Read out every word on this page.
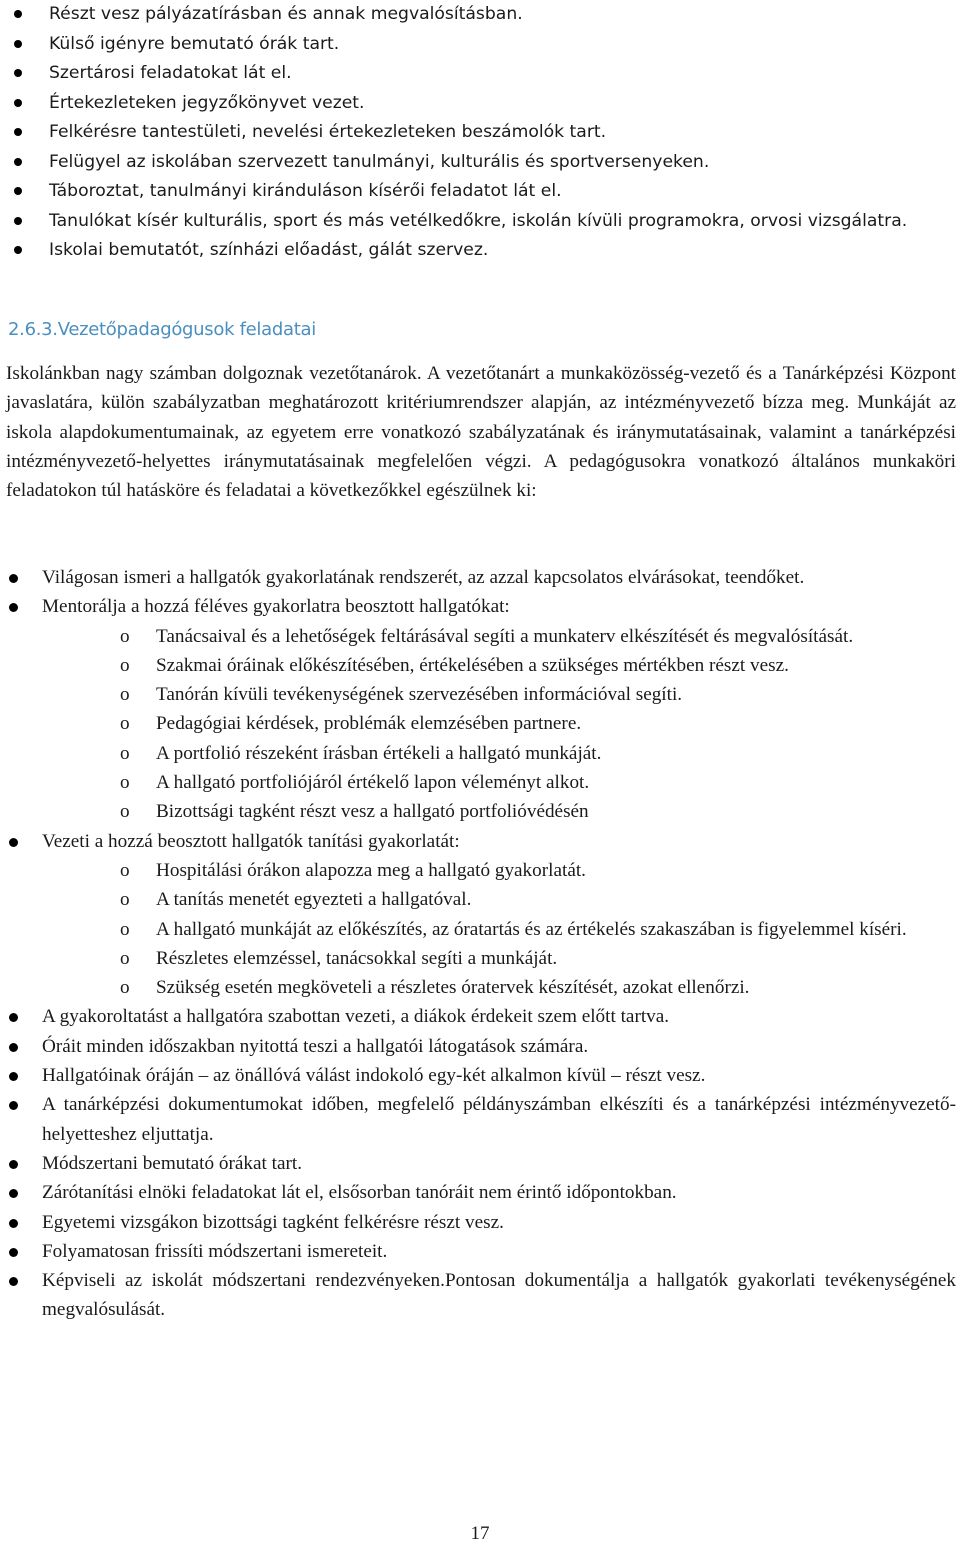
Részt vesz pályázatírásban és annak megvalósításban.
Külső igényre bemutató órák tart.
Szertárosi feladatokat lát el.
Értekezleteken jegyzőkönyvet vezet.
Felkérésre tantestületi, nevelési értekezleteken beszámolók tart.
Felügyel az iskolában szervezett tanulmányi, kulturális és sportversenyeken.
Táboroztat, tanulmányi kiránduláson kísérői feladatot lát el.
Tanulókat kísér kulturális, sport és más vetélkedőkre, iskolán kívüli programokra, orvosi vizsgálatra.
Iskolai bemutatót, színházi előadást, gálát szervez.
2.6.3.Vezetőpadagógusok feladatai

Iskolánkban nagy számban dolgoznak vezetőtanárok. A vezetőtanárt a munkaközösség-vezető és a Tanárképzési Központ javaslatára, külön szabályzatban meghatározott kritériumrendszer alapján, az intézményvezető bízza meg. Munkáját az iskola alapdokumentumainak, az egyetem erre vonatkozó szabályzatának és iránymutatásainak, valamint a tanárképzési intézményvezető-helyettes iránymutatásainak megfelelően végzi. A pedagógusokra vonatkozó általános munkaköri feladatokon túl hatásköre és feladatai a következőkkel egészülnek ki:

Világosan ismeri a hallgatók gyakorlatának rendszerét, az azzal kapcsolatos elvárásokat, teendőket.
Mentorálja a hozzá féléves gyakorlatra beosztott hallgatókat:
o Tanácsaival és a lehetőségek feltárásával segíti a munkaterv elkészítését és megvalósítását.
o Szakmai óráinak előkészítésében, értékelésében a szükséges mértékben részt vesz.
o Tanórán kívüli tevékenységének szervezésében információval segíti.
o Pedagógiai kérdések, problémák elemzésében partnere.
o A portfolió részeként írásban értékeli a hallgató munkáját.
o A hallgató portfoliójáról értékelő lapon véleményt alkot.
o Bizottsági tagként részt vesz a hallgató portfolióvédésén
Vezeti a hozzá beosztott hallgatók tanítási gyakorlatát:
o Hospitálási órákon alapozza meg a hallgató gyakorlatát.
o A tanítás menetét egyezteti a hallgatóval.
o A hallgató munkáját az előkészítés, az óratartás és az értékelés szakaszában is figyelemmel kíséri.
o Részletes elemzéssel, tanácsokkal segíti a munkáját.
o Szükség esetén megköveteli a részletes óratervek készítését, azokat ellenőrzi.
A gyakoroltatást a hallgatóra szabottan vezeti, a diákok érdekeit szem előtt tartva.
Óráit minden időszakban nyitottá teszi a hallgatói látogatások számára.
Hallgatóinak óráján – az önállóvá válást indokoló egy-két alkalmon kívül – részt vesz.
A tanárképzési dokumentumokat időben, megfelelő példányszámban elkészíti és a tanárképzési intézményvezető-helyetteshez eljuttatja.
Módszertani bemutató órákat tart.
Zárótanítási elnöki feladatokat lát el, elsősorban tanóráit nem érintő időpontokban.
Egyetemi vizsgákon bizottsági tagként felkérésre részt vesz.
Folyamatosan frissíti módszertani ismereteit.
Képviseli az iskolát módszertani rendezvényeken.Pontosan dokumentálja a hallgatók gyakorlati tevékenységének megvalósulását.
17
